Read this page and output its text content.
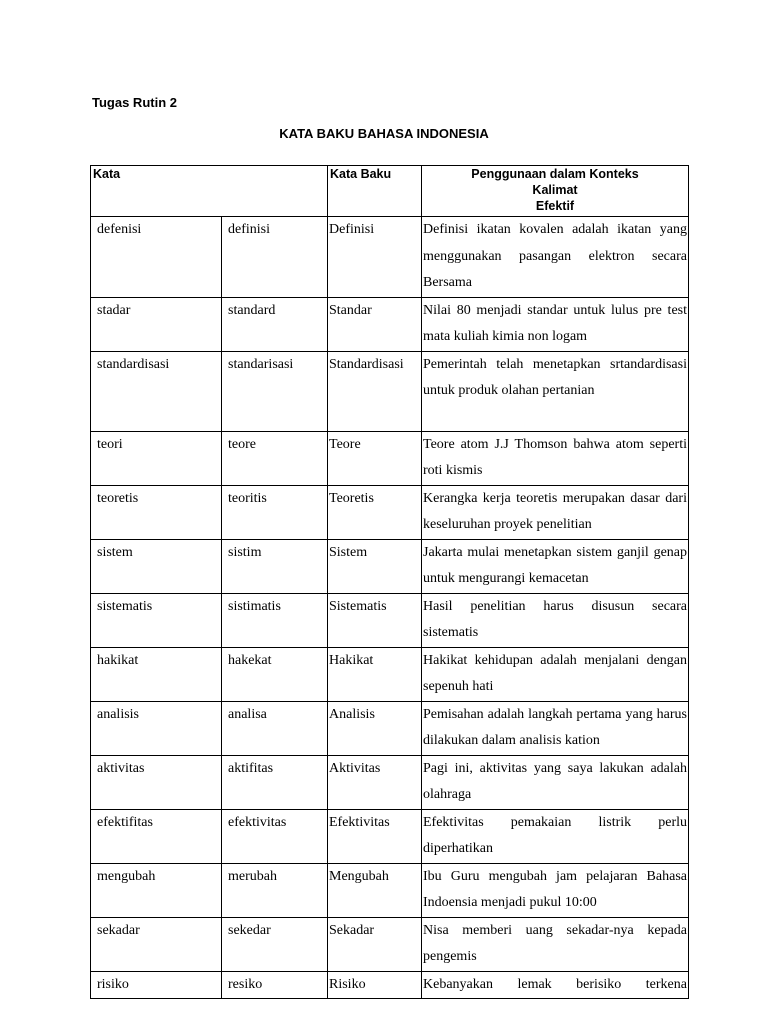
Tugas Rutin 2
KATA BAKU BAHASA INDONESIA
Kata		Kata Baku	Penggunaan dalam Konteks
Kalimat
Efektif

defenisi	definisi	Definisi	Definisi ikatan kovalen adalah ikatan yang menggunakan pasangan elektron secara Bersama
stadar	standard	Standar	Nilai 80 menjadi standar untuk lulus pre test mata kuliah kimia non logam
standardisasi	standarisasi	Standardisasi	Pemerintah telah menetapkan srtandardisasi untuk produk olahan pertanian
teori	teore	Teore	Teore atom J.J Thomson bahwa atom seperti roti kismis
teoretis	teoritis	Teoretis	Kerangka kerja teoretis merupakan dasar dari keseluruhan proyek penelitian
sistem	sistim	Sistem	Jakarta mulai menetapkan sistem ganjil genap untuk mengurangi kemacetan
sistematis	sistimatis	Sistematis	Hasil penelitian harus disusun secara sistematis
hakikat	hakekat	Hakikat	Hakikat kehidupan adalah menjalani dengan sepenuh hati
analisis	analisa	Analisis	Pemisahan adalah langkah pertama yang harus dilakukan dalam analisis kation
aktivitas	aktifitas	Aktivitas	Pagi ini, aktivitas yang saya lakukan adalah olahraga
efektifitas	efektivitas	Efektivitas	Efektivitas pemakaian listrik perlu diperhatikan
mengubah	merubah	Mengubah	Ibu Guru mengubah jam pelajaran Bahasa Indoensia menjadi pukul 10:00
sekadar	sekedar	Sekadar	Nisa memberi uang sekadar-nya kepada pengemis
risiko	resiko	Risiko	Kebanyakan lemak berisiko terkena
